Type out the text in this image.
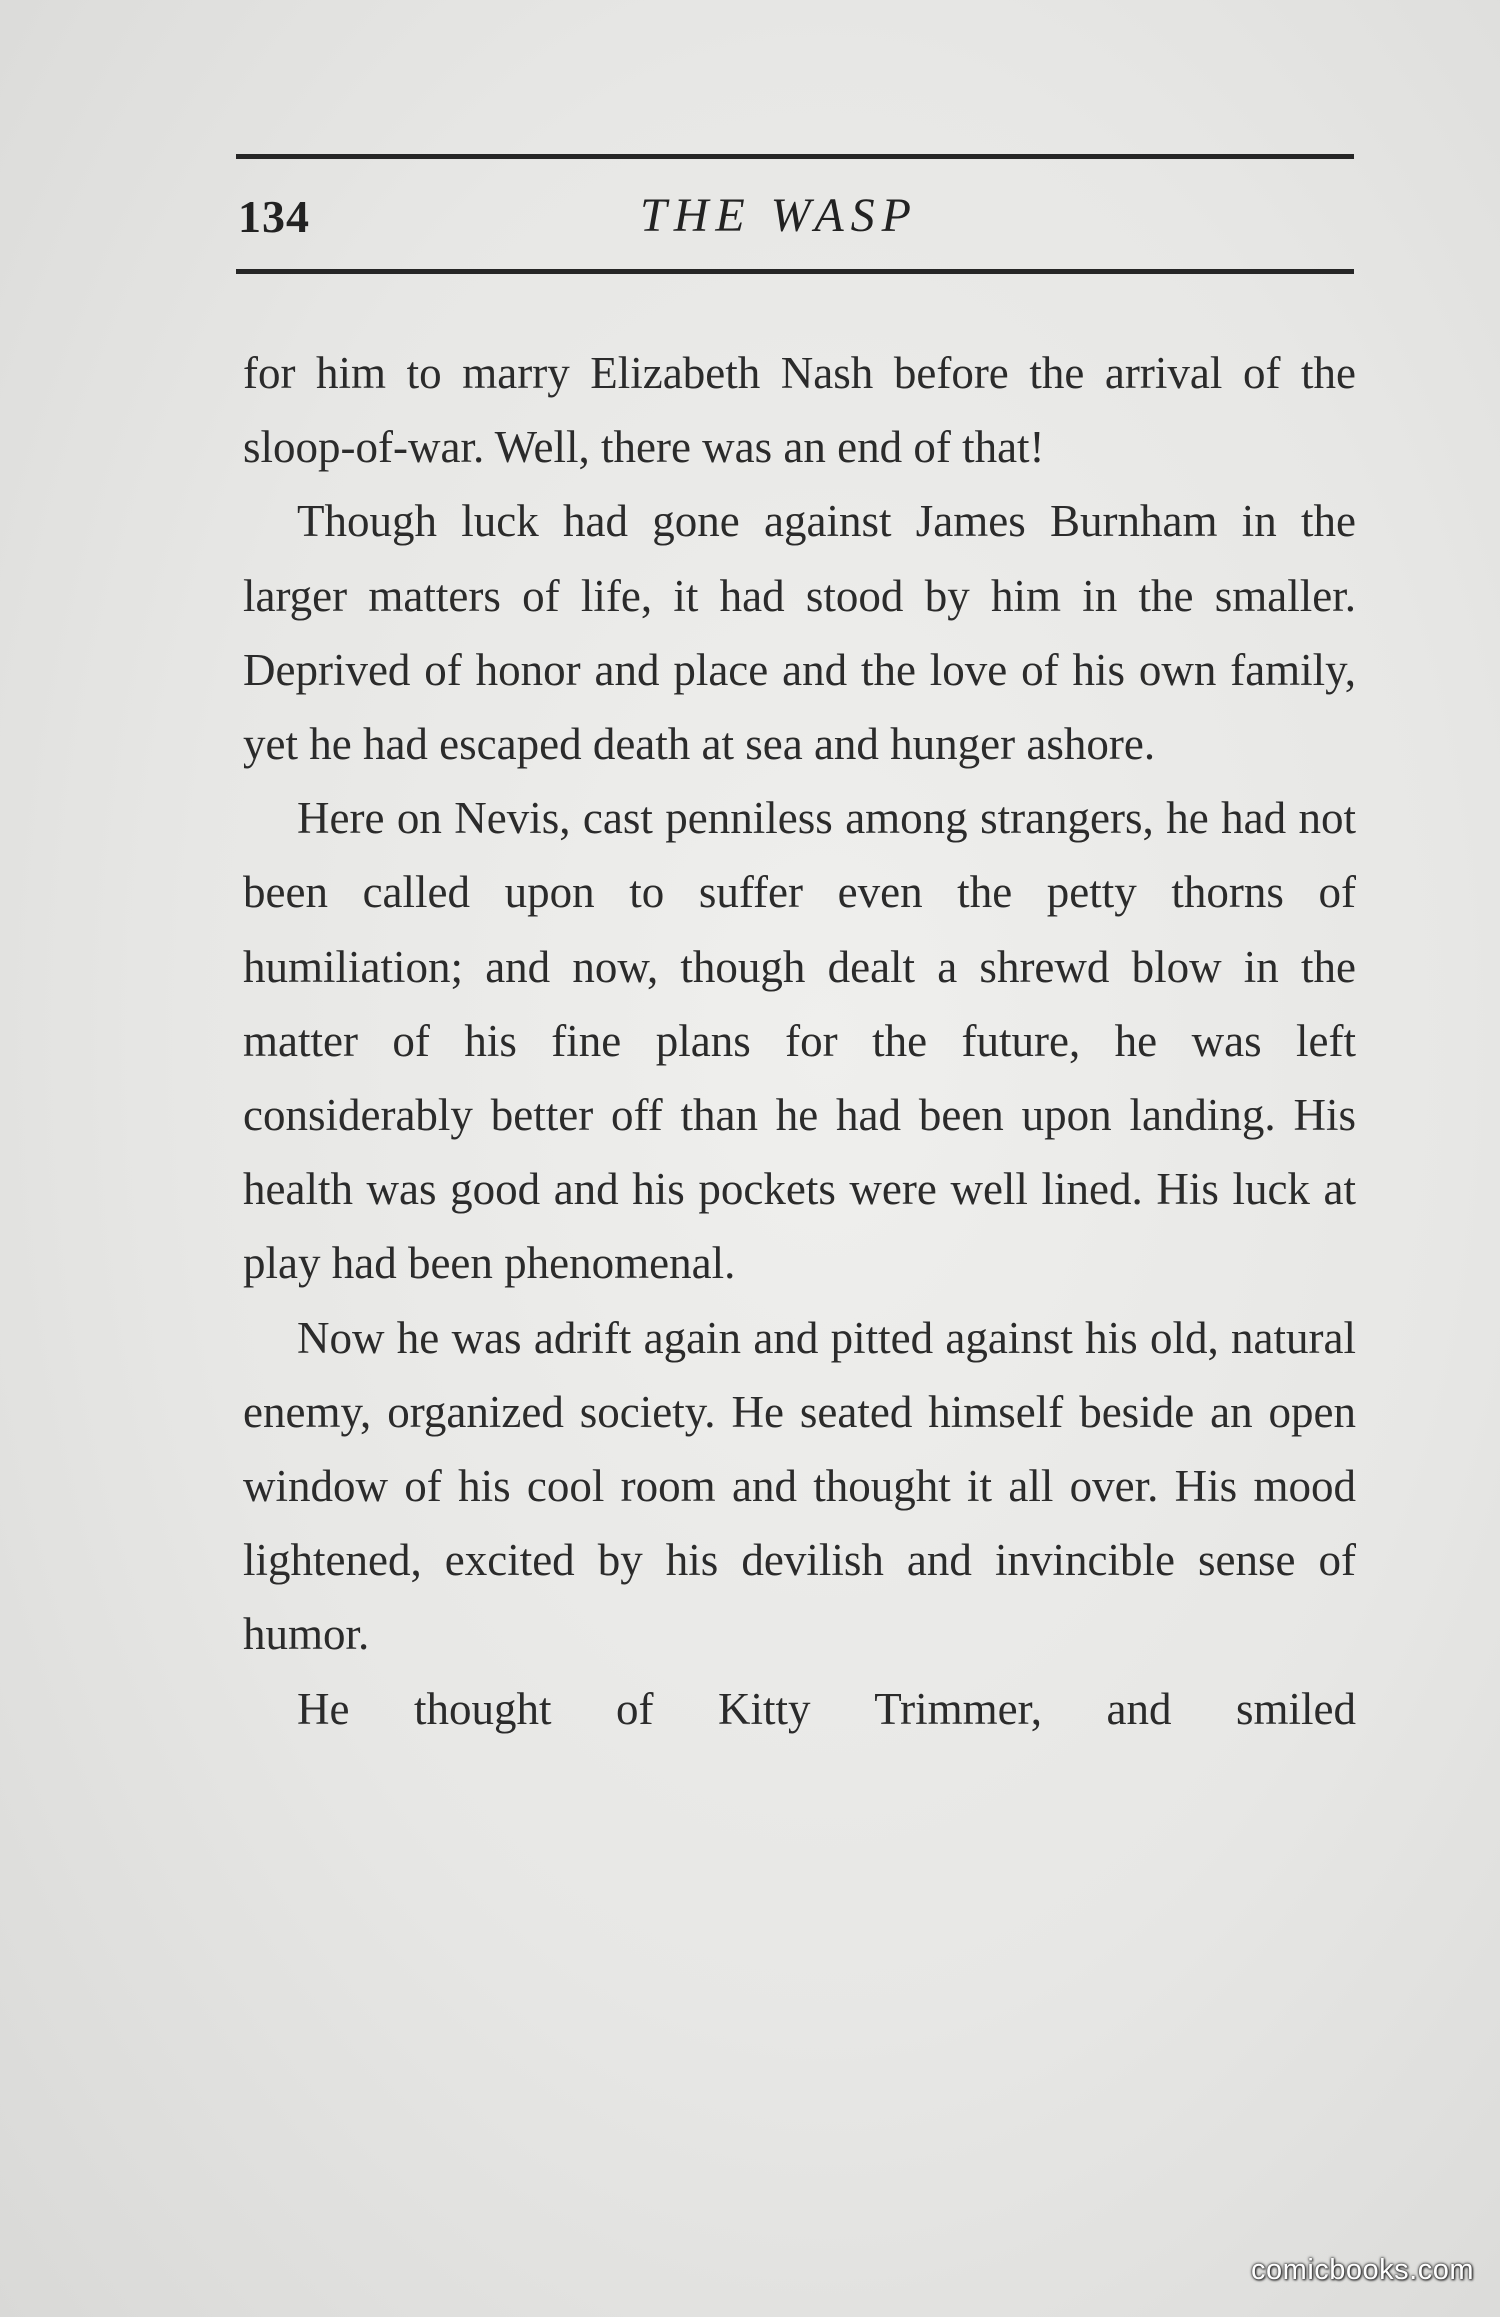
134	THE WASP

for him to marry Elizabeth Nash before the arrival of the sloop-of-war. Well, there was an end of that!

Though luck had gone against James Burnham in the larger matters of life, it had stood by him in the smaller. Deprived of honor and place and the love of his own family, yet he had escaped death at sea and hunger ashore.

Here on Nevis, cast penniless among strangers, he had not been called upon to suffer even the petty thorns of humiliation; and now, though dealt a shrewd blow in the matter of his fine plans for the future, he was left considerably better off than he had been upon landing. His health was good and his pockets were well lined. His luck at play had been phenomenal.

Now he was adrift again and pitted against his old, natural enemy, organized society. He seated himself beside an open window of his cool room and thought it all over. His mood lightened, excited by his devilish and invincible sense of humor.

He thought of Kitty Trimmer, and smiled

comicbooks.com
